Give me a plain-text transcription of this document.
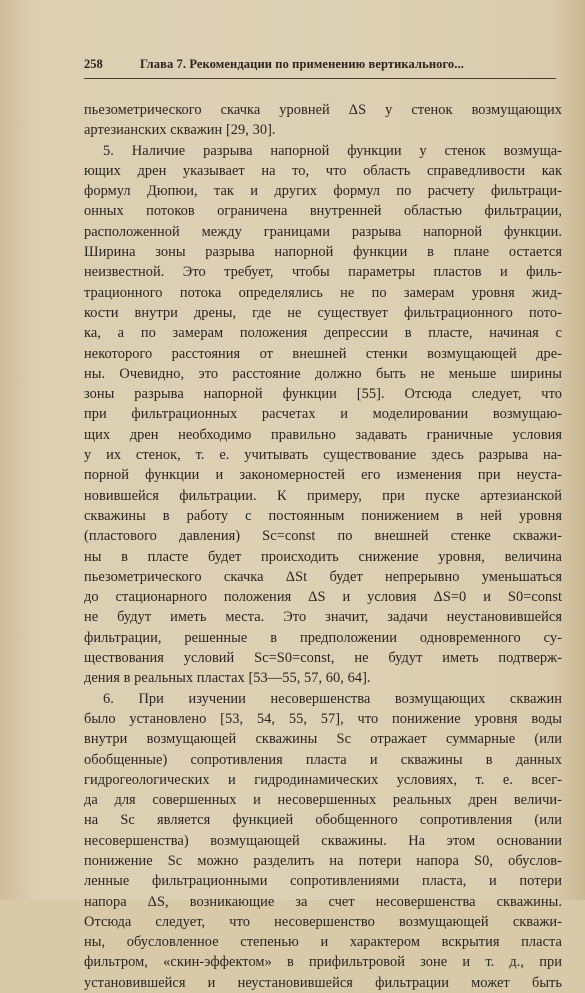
258	Глава 7. Рекомендации по применению вертикального...
пьезометрического скачка уровней ΔS у стенок возмущающих
артезианских скважин [29, 30].
5. Наличие разрыва напорной функции у стенок возмуща-
ющих дрен указывает на то, что область справедливости как
формул Дюпюи, так и других формул по расчету фильтраци-
онных потоков ограничена внутренней областью фильтрации,
расположенной между границами разрыва напорной функции.
Ширина зоны разрыва напорной функции в плане остается
неизвестной. Это требует, чтобы параметры пластов и филь-
трационного потока определялись не по замерам уровня жид-
кости внутри дрены, где не существует фильтрационного пото-
ка, а по замерам положения депрессии в пласте, начиная с
некоторого расстояния от внешней стенки возмущающей дре-
ны. Очевидно, это расстояние должно быть не меньше ширины
зоны разрыва напорной функции [55]. Отсюда следует, что
при фильтрационных расчетах и моделировании возмущаю-
щих дрен необходимо правильно задавать граничные условия
у их стенок, т. е. учитывать существование здесь разрыва на-
порной функции и закономерностей его изменения при неуста-
новившейся фильтрации. К примеру, при пуске артезианской
скважины в работу с постоянным понижением в ней уровня
(пластового давления) Sc=const по внешней стенке скважи-
ны в пласте будет происходить снижение уровня, величина
пьезометрического скачка ΔSt будет непрерывно уменьшаться
до стационарного положения ΔS и условия ΔS=0 и S0=const
не будут иметь места. Это значит, задачи неустановившейся
фильтрации, решенные в предположении одновременного су-
ществования условий Sc=S0=const, не будут иметь подтверж-
дения в реальных пластах [53—55, 57, 60, 64].
6. При изучении несовершенства возмущающих скважин
было установлено [53, 54, 55, 57], что понижение уровня воды
внутри возмущающей скважины Sc отражает суммарные (или
обобщенные) сопротивления пласта и скважины в данных
гидрогеологических и гидродинамических условиях, т. е. всег-
да для совершенных и несовершенных реальных дрен величи-
на Sc является функцией обобщенного сопротивления (или
несовершенства) возмущающей скважины. На этом основании
понижение Sc можно разделить на потери напора S0, обуслов-
ленные фильтрационными сопротивлениями пласта, и потери
напора ΔS, возникающие за счет несовершенства скважины.
Отсюда следует, что несовершенство возмущающей скважи-
ны, обусловленное степенью и характером вскрытия пласта
фильтром, «скин-эффектом» в прифильтровой зоне и т. д., при
установившейся и неустановившейся фильтрации может быть
